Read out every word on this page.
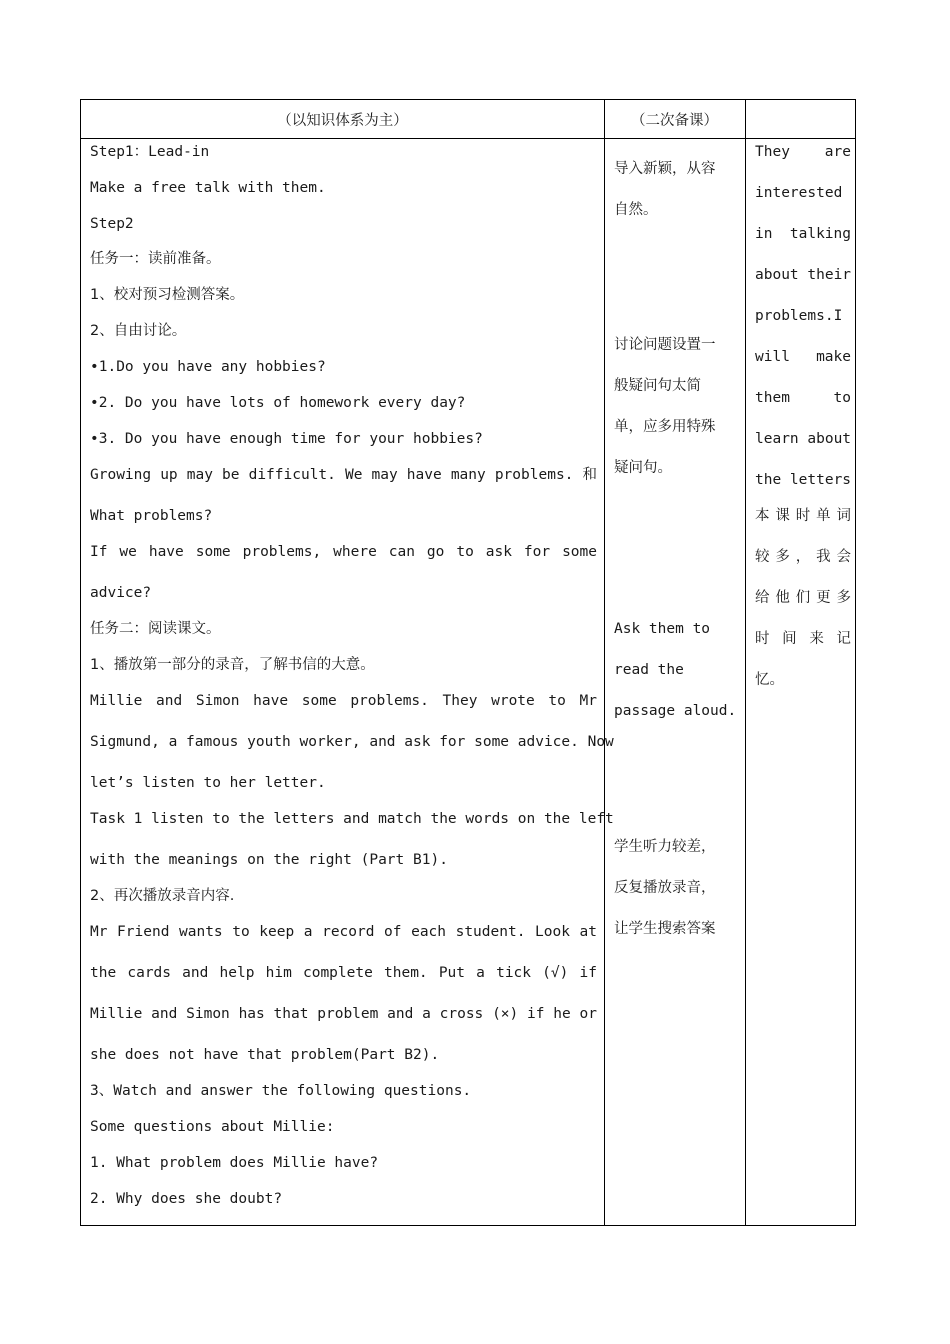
（以知识体系为主）	（二次备课）
Step1：Lead-in
Make a free talk with them.
Step2
任务一：读前准备。
1、校对预习检测答案。
2、自由讨论。
•1.Do you have any hobbies?
•2. Do you have lots of homework every day?
•3. Do you have enough time for your hobbies?
Growing up may be difficult. We may have many problems. 和
What problems?
If we have some problems, where can go to ask for some
advice?
任务二：阅读课文。
1、播放第一部分的录音，了解书信的大意。
Millie and Simon have some problems. They wrote to Mr
Sigmund, a famous youth worker, and ask for some advice. Now
let’s listen to her letter.
Task 1 listen to the letters and match the words on the left
with the meanings on the right (Part B1).
2、再次播放录音内容.
Mr Friend wants to keep a record of each student. Look at
the cards and help him complete them. Put a tick (√) if
Millie and Simon has that problem and a cross (×) if he or
she does not have that problem(Part B2).
3、Watch and answer the following questions.
Some questions about Millie:
1. What problem does Millie have?
2. Why does she doubt?
导入新颖，从容
自然。
讨论问题设置一
般疑问句太简
单，应多用特殊
疑问句。
Ask them to
read the
passage aloud.
学生听力较差，
反复播放录音，
让学生搜索答案
They are
interested
in talking
about their
problems.I
will make
them to
learn about
the letters
本课时单词
较多，我会
给他们更多
时间来记
忆。
